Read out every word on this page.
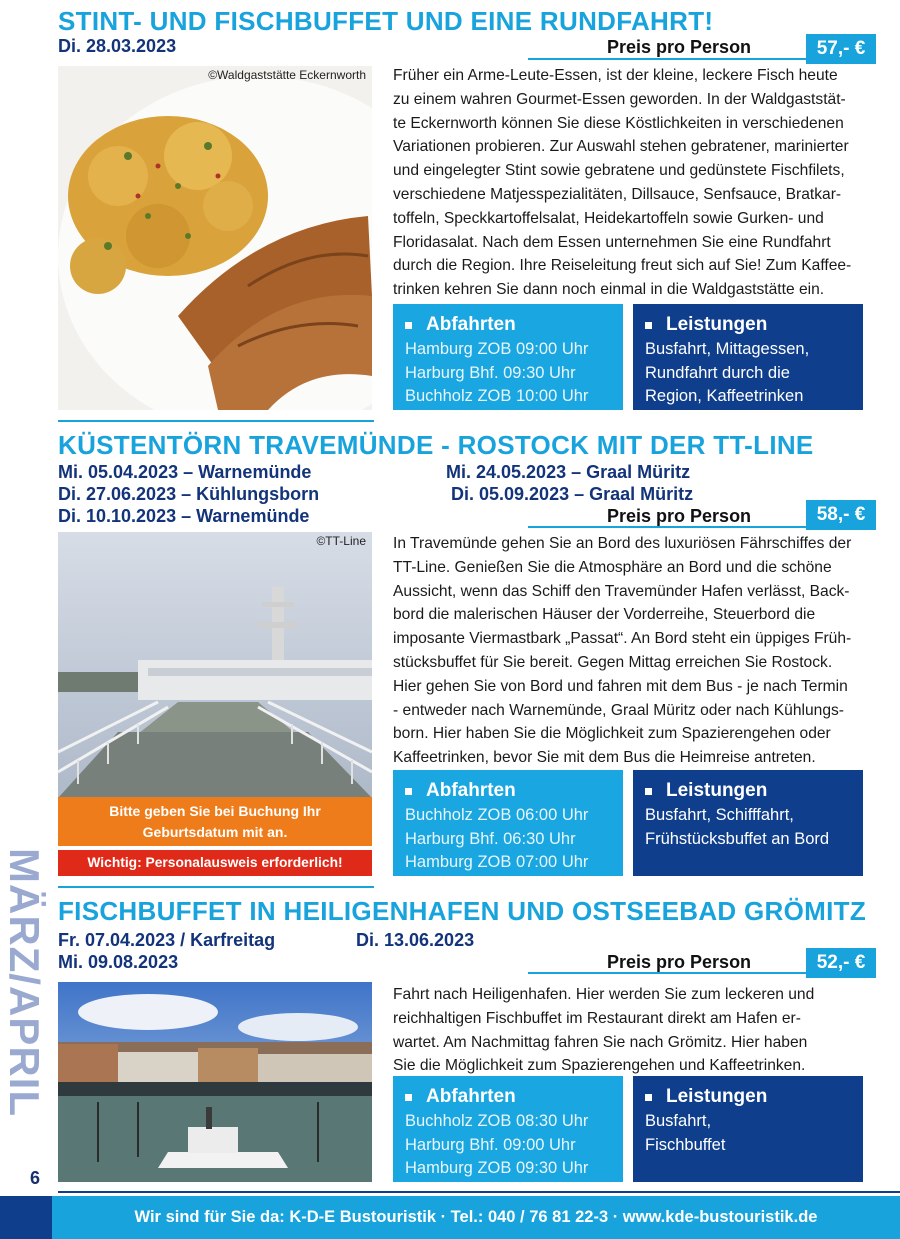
MÄRZ/APRIL
6
STINT- UND FISCHBUFFET UND EINE RUNDFAHRT!
Di. 28.03.2023	Preis pro Person	57,- €
©Waldgaststätte Eckernworth Früher ein Arme-Leute-Essen, ist der kleine, leckere Fisch heute
zu einem wahren Gourmet-Essen geworden. In der Waldgaststät-
te Eckernworth können Sie diese Köstlichkeiten in verschiedenen
Variationen probieren. Zur Auswahl stehen gebratener, marinierter
und eingelegter Stint sowie gebratene und gedünstete Fischfilets,
verschiedene Matjesspezialitäten, Dillsauce, Senfsauce, Bratkar-
toffeln, Speckkartoffelsalat, Heidekartoffeln sowie Gurken- und
Floridasalat. Nach dem Essen unternehmen Sie eine Rundfahrt
durch die Region. Ihre Reiseleitung freut sich auf Sie! Zum Kaffee-
trinken kehren Sie dann noch einmal in die Waldgaststätte ein.
Abfahrten
Hamburg ZOB 09:00 Uhr
Harburg Bhf. 09:30 Uhr
Buchholz ZOB 10:00 Uhr
Leistungen
Busfahrt, Mittagessen,
Rundfahrt durch die
Region, Kaffeetrinken
KÜSTENTÖRN TRAVEMÜNDE - ROSTOCK MIT DER TT-LINE
Mi. 05.04.2023 – Warnemünde
Di. 27.06.2023 – Kühlungsborn
Di. 10.10.2023 – Warnemünde
Mi. 24.05.2023 – Graal Müritz
Di. 05.09.2023 – Graal Müritz
Preis pro Person	58,- €
©TT-Line
Bitte geben Sie bei Buchung Ihr
Geburtsdatum mit an.
Wichtig: Personalausweis erforderlich!
In Travemünde gehen Sie an Bord des luxuriösen Fährschiffes der
TT-Line. Genießen Sie die Atmosphäre an Bord und die schöne
Aussicht, wenn das Schiff den Travemünder Hafen verlässt, Back-
bord die malerischen Häuser der Vorderreihe, Steuerbord die
imposante Viermastbark „Passat“. An Bord steht ein üppiges Früh-
stücksbuffet für Sie bereit. Gegen Mittag erreichen Sie Rostock.
Hier gehen Sie von Bord und fahren mit dem Bus - je nach Termin
- entweder nach Warnemünde, Graal Müritz oder nach Kühlungs-
born. Hier haben Sie die Möglichkeit zum Spazierengehen oder
Kaffeetrinken, bevor Sie mit dem Bus die Heimreise antreten.
Abfahrten
Buchholz ZOB 06:00 Uhr
Harburg Bhf. 06:30 Uhr
Hamburg ZOB 07:00 Uhr
Leistungen
Busfahrt, Schifffahrt,
Frühstücksbuffet an Bord
FISCHBUFFET IN HEILIGENHAFEN UND OSTSEEBAD GRÖMITZ
Fr. 07.04.2023 / Karfreitag
Mi. 09.08.2023
Di. 13.06.2023
Preis pro Person	52,- €
Fahrt nach Heiligenhafen. Hier werden Sie zum leckeren und
reichhaltigen Fischbuffet im Restaurant direkt am Hafen er-
wartet. Am Nachmittag fahren Sie nach Grömitz. Hier haben
Sie die Möglichkeit zum Spazierengehen und Kaffeetrinken.
Abfahrten
Buchholz ZOB 08:30 Uhr
Harburg Bhf. 09:00 Uhr
Hamburg ZOB 09:30 Uhr
Leistungen
Busfahrt,
Fischbuffet
Wir sind für Sie da: K-D-E Bustouristik · Tel.: 040 / 76 81 22-3 · www.kde-bustouristik.de
